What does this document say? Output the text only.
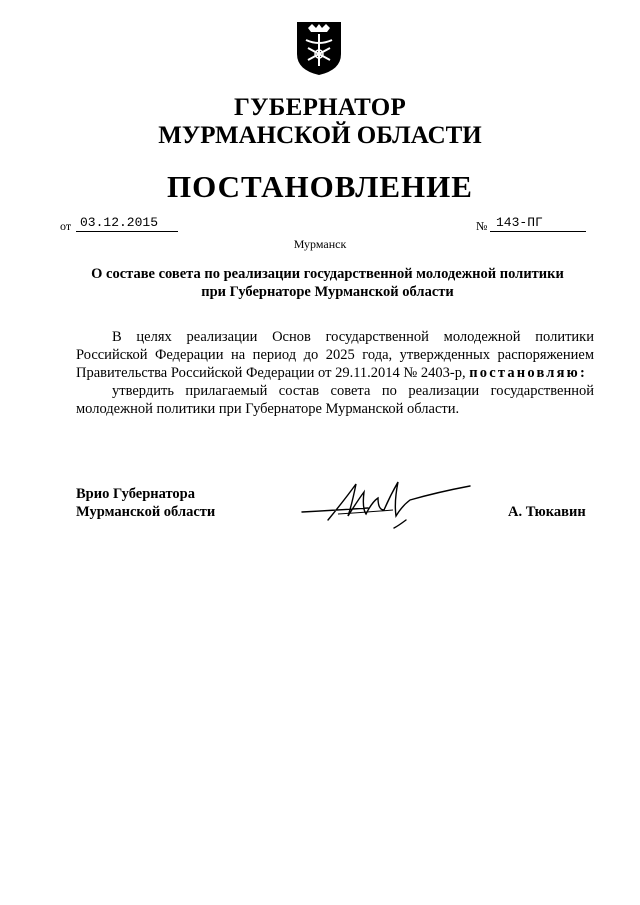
ГУБЕРНАТОР
МУРМАНСКОЙ ОБЛАСТИ
ПОСТАНОВЛЕНИЕ
от 03.12.2015	№ 143-ПГ
Мурманск
О составе совета по реализации государственной молодежной политики
при Губернаторе Мурманской области

В целях реализации Основ государственной молодежной политики Российской Федерации на период до 2025 года, утвержденных распоряжением Правительства Российской Федерации от 29.11.2014 № 2403-р, постановляю:

утвердить прилагаемый состав совета по реализации государственной молодежной политики при Губернаторе Мурманской области.

Врио Губернатора
Мурманской области	А. Тюкавин
